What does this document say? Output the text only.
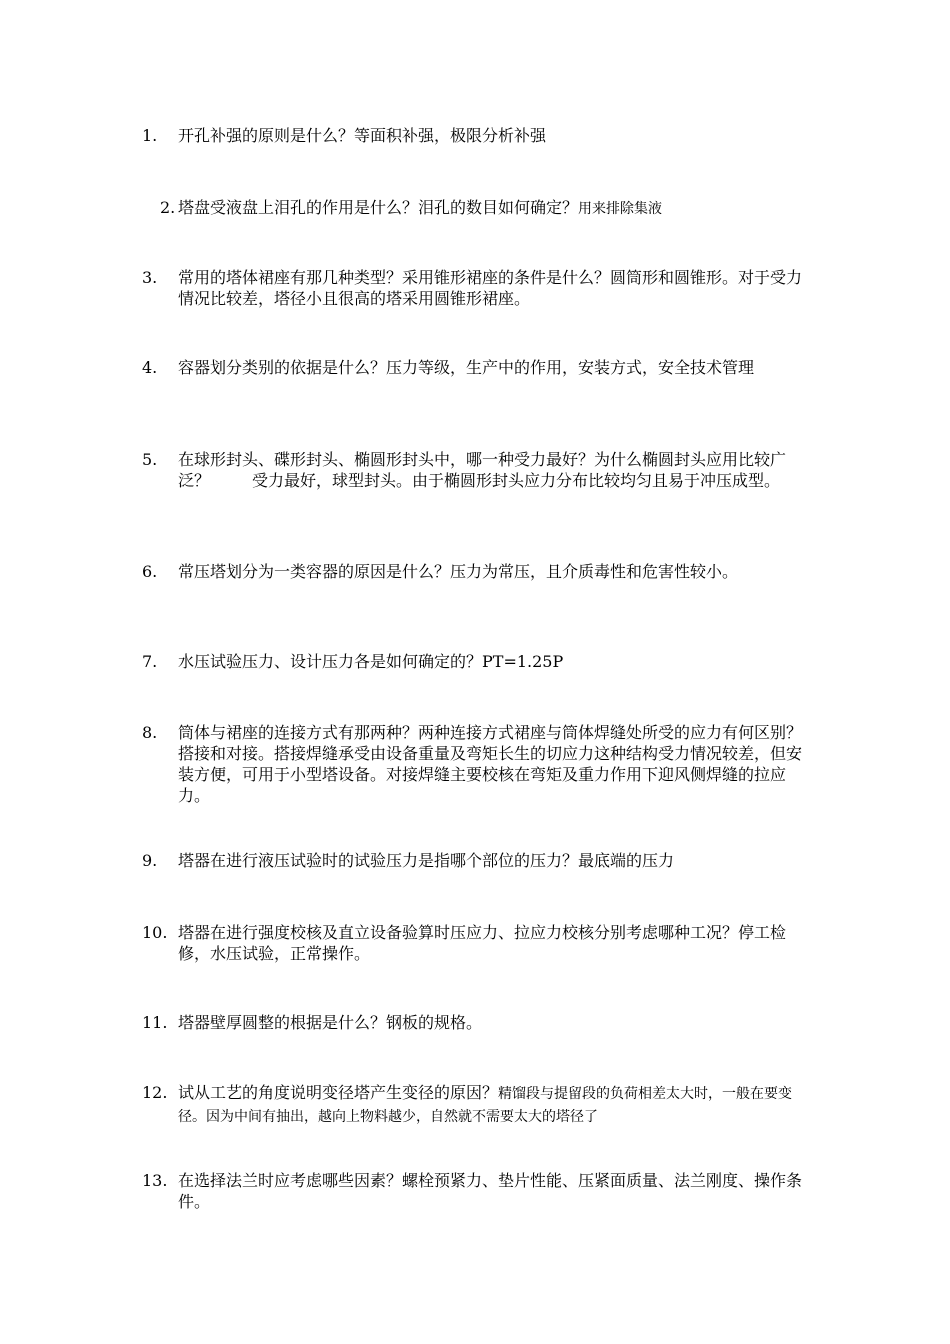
1.	开孔补强的原则是什么？等面积补强，极限分析补强
2. 塔盘受液盘上泪孔的作用是什么？泪孔的数目如何确定？用来排除集液
3.	常用的塔体裙座有那几种类型？采用锥形裙座的条件是什么？圆筒形和圆锥形。对于受力情况比较差，塔径小且很高的塔采用圆锥形裙座。
4.	容器划分类别的依据是什么？压力等级，生产中的作用，安装方式，安全技术管理
5.	在球形封头、碟形封头、椭圆形封头中，哪一种受力最好？为什么椭圆封头应用比较广泛？	受力最好，球型封头。由于椭圆形封头应力分布比较均匀且易于冲压成型。
6.	常压塔划分为一类容器的原因是什么？压力为常压，且介质毒性和危害性较小。
7.	水压试验压力、设计压力各是如何确定的？PT=1.25P
8.	筒体与裙座的连接方式有那两种？两种连接方式裙座与筒体焊缝处所受的应力有何区别？搭接和对接。搭接焊缝承受由设备重量及弯矩长生的切应力这种结构受力情况较差，但安装方便，可用于小型塔设备。对接焊缝主要校核在弯矩及重力作用下迎风侧焊缝的拉应力。
9.	塔器在进行液压试验时的试验压力是指哪个部位的压力？最底端的压力
10. 塔器在进行强度校核及直立设备验算时压应力、拉应力校核分别考虑哪种工况？停工检修，水压试验，正常操作。
11. 塔器壁厚圆整的根据是什么？钢板的规格。
12. 试从工艺的角度说明变径塔产生变径的原因？精馏段与提留段的负荷相差太大时，一般在要变径。因为中间有抽出，越向上物料越少，自然就不需要太大的塔径了
13. 在选择法兰时应考虑哪些因素？螺栓预紧力、垫片性能、压紧面质量、法兰刚度、操作条件。
